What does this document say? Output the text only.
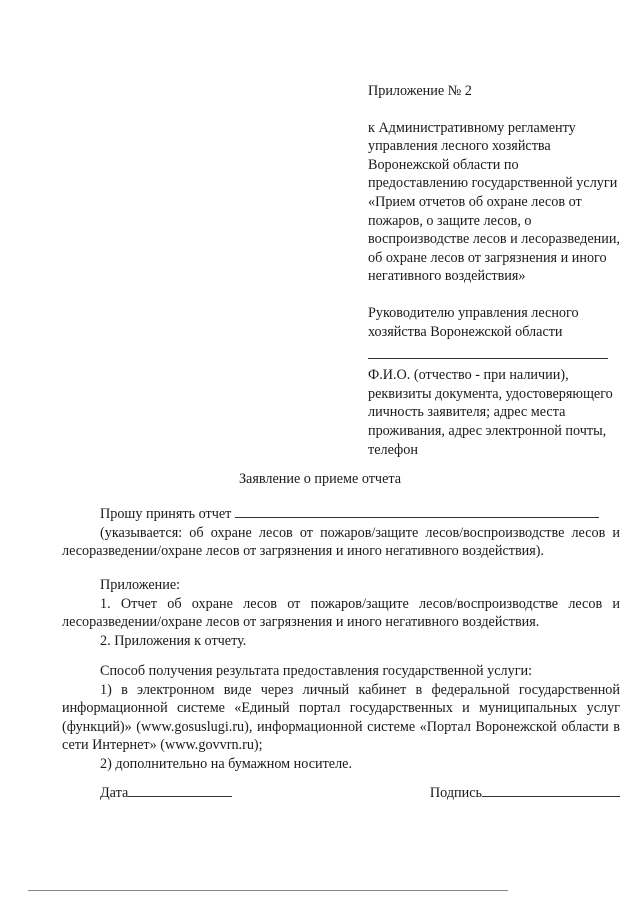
Приложение № 2

к Административному регламенту управления лесного хозяйства Воронежской области по предоставлению государственной услуги «Прием отчетов об охране лесов от пожаров, о защите лесов, о воспроизводстве лесов и лесоразведении, об охране лесов от загрязнения и иного негативного воздействия»

Руководителю управления лесного хозяйства Воронежской области

Ф.И.О. (отчество - при наличии), реквизиты документа, удостоверяющего личность заявителя; адрес места проживания, адрес электронной почты, телефон

Заявление о приеме отчета

Прошу принять отчет

(указывается: об охране лесов от пожаров/защите лесов/воспроизводстве лесов и лесоразведении/охране лесов от загрязнения и иного негативного воздействия).

Приложение:

1. Отчет об охране лесов от пожаров/защите лесов/воспроизводстве лесов и лесоразведении/охране лесов от загрязнения и иного негативного воздействия.

2. Приложения к отчету.

Способ получения результата предоставления государственной услуги:

1) в электронном виде через личный кабинет в федеральной государственной информационной системе «Единый портал государственных и муниципальных услуг (функций)» (www.gosuslugi.ru), информационной системе «Портал Воронежской области в сети Интернет» (www.govvrn.ru);

2) дополнительно на бумажном носителе.

Дата	Подпись
